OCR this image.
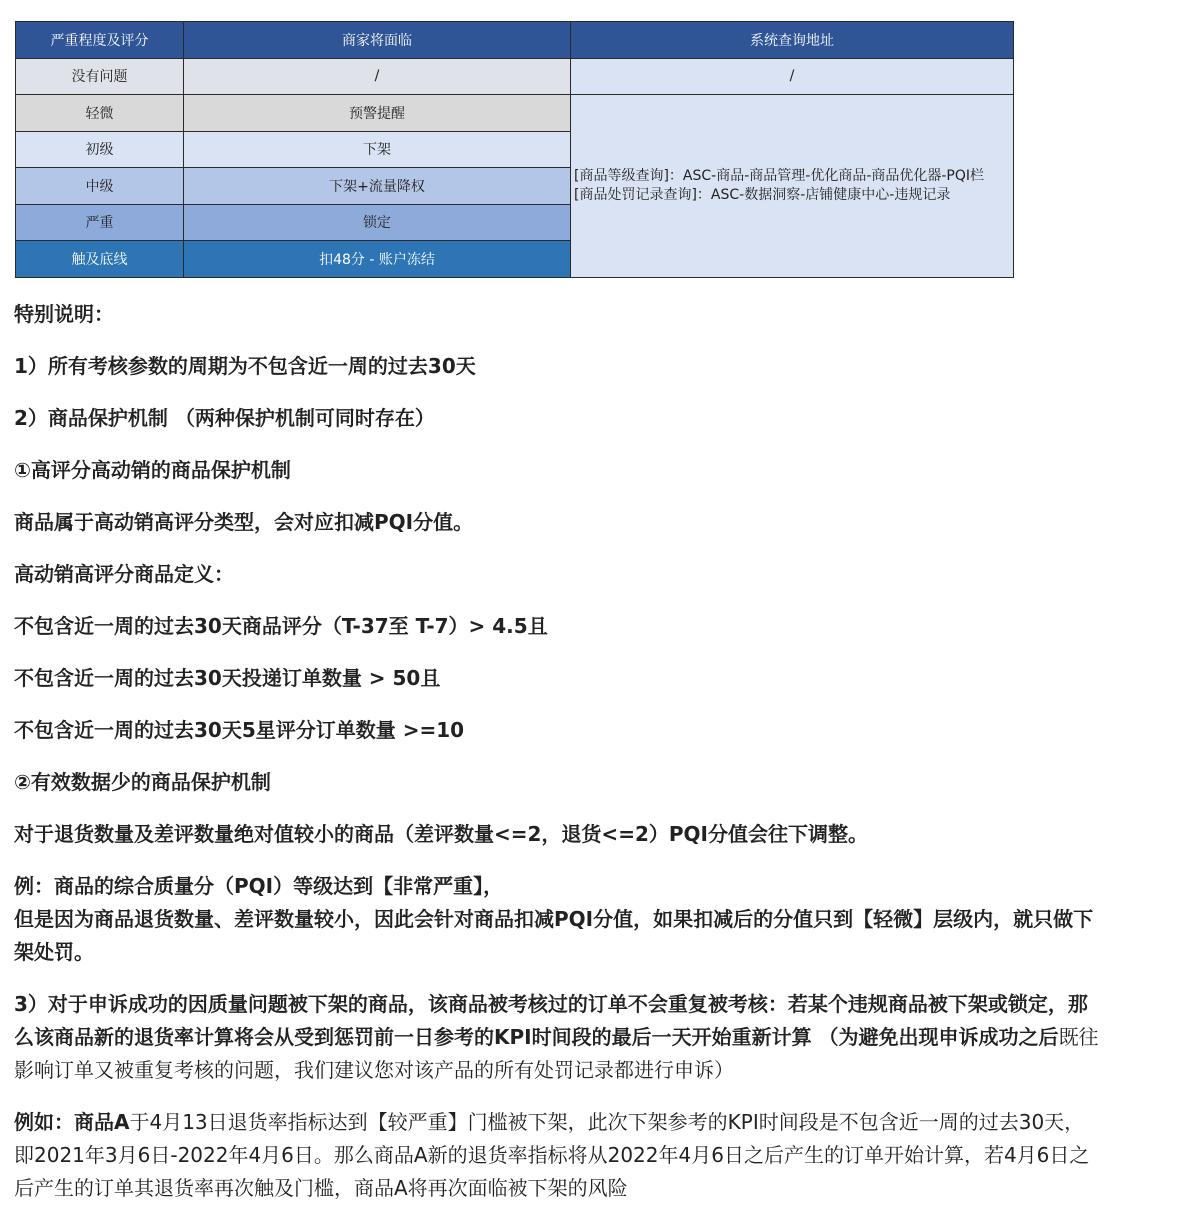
严重程度及评分	商家将面临	系统查询地址
没有问题	/	/
轻微	预警提醒	[商品等级查询]：ASC-商品-商品管理-优化商品-商品优化器-PQI栏
[商品处罚记录查询]：ASC-数据洞察-店铺健康中心-违规记录

初级	下架	
中级	下架+流量降权	
严重	锁定	
触及底线	扣48分 - 账户冻结	

特别说明：

1）所有考核参数的周期为不包含近一周的过去30天

2）商品保护机制 （两种保护机制可同时存在）

①高评分高动销的商品保护机制

商品属于高动销高评分类型，会对应扣减PQI分值。

高动销高评分商品定义：

不包含近一周的过去30天商品评分（T-37至 T-7）> 4.5且

不包含近一周的过去30天投递订单数量 > 50且

不包含近一周的过去30天5星评分订单数量 >=10

②有效数据少的商品保护机制

对于退货数量及差评数量绝对值较小的商品（差评数量<=2，退货<=2）PQI分值会往下调整。

例：商品的综合质量分（PQI）等级达到【非常严重】，
但是因为商品退货数量、差评数量较小，因此会针对商品扣减PQI分值，如果扣减后的分值只到【轻微】层级内，就只做下架处罚。

3）对于申诉成功的因质量问题被下架的商品，该商品被考核过的订单不会重复被考核：若某个违规商品被下架或锁定，那么该商品新的退货率计算将会从受到惩罚前一日参考的KPI时间段的最后一天开始重新计算 （为避免出现申诉成功之后既往影响订单又被重复考核的问题，我们建议您对该产品的所有处罚记录都进行申诉）

例如：商品A于4月13日退货率指标达到【较严重】门槛被下架，此次下架参考的KPI时间段是不包含近一周的过去30天，即2021年3月6日-2022年4月6日。那么商品A新的退货率指标将从2022年4月6日之后产生的订单开始计算，若4月6日之后产生的订单其退货率再次触及门槛，商品A将再次面临被下架的风险
